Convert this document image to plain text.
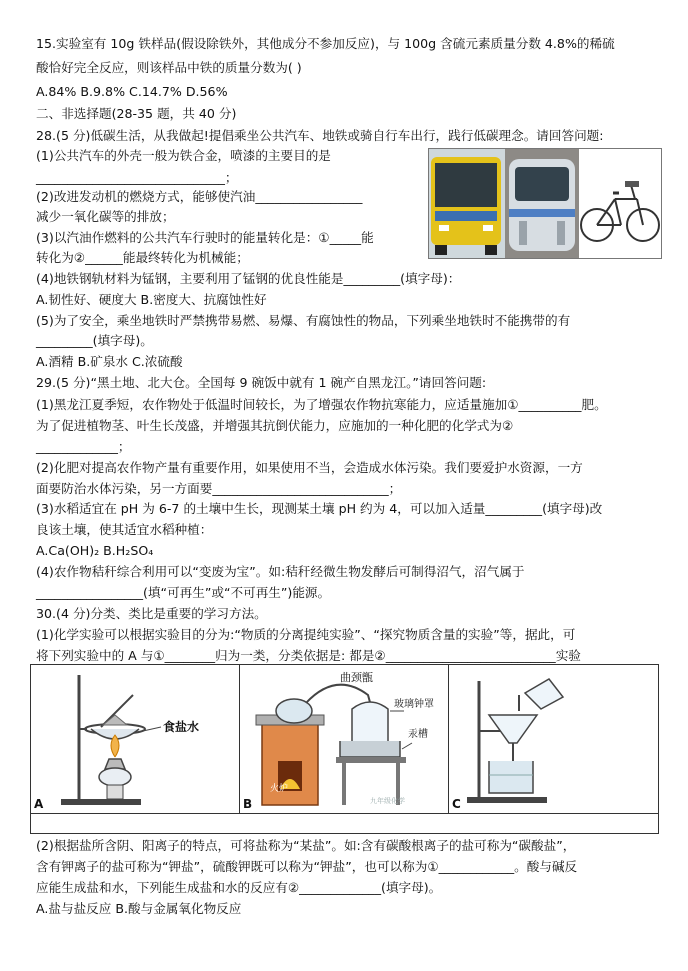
15.实验室有 10g 铁样品(假设除铁外，其他成分不参加反应)，与 100g 含硫元素质量分数 4.8%的稀硫
酸恰好完全反应，则该样品中铁的质量分数为( )
A.84% B.9.8% C.14.7% D.56%
二、非选择题(28-35 题，共 40 分)
28.(5 分)低碳生活，从我做起!提倡乘坐公共汽车、地铁或骑自行车出行，践行低碳理念。请回答问题:
(1)公共汽车的外壳一般为铁合金，喷漆的主要目的是
______________________________；
(2)改进发动机的燃烧方式，能够使汽油_________________
减少一氧化碳等的排放；
(3)以汽油作燃料的公共汽车行驶时的能量转化是：①_____能
转化为②______能最终转化为机械能；
(4)地铁钢轨材料为锰钢，主要利用了锰钢的优良性能是_________(填字母)：
A.韧性好、硬度大 B.密度大、抗腐蚀性好
(5)为了安全，乘坐地铁时严禁携带易燃、易爆、有腐蚀性的物品，下列乘坐地铁时不能携带的有
_________(填字母)。
A.酒精 B.矿泉水 C.浓硫酸
29.(5 分)“黑土地、北大仓。全国每 9 碗饭中就有 1 碗产自黑龙江。”请回答问题:
(1)黑龙江夏季短，农作物处于低温时间较长，为了增强农作物抗寒能力，应适量施加①__________肥。
为了促进植物茎、叶生长茂盛，并增强其抗倒伏能力，应施加的一种化肥的化学式为②
_____________；
(2)化肥对提高农作物产量有重要作用，如果使用不当，会造成水体污染。我们要爱护水资源，一方
面要防治水体污染，另一方面要____________________________；
(3)水稻适宜在 pH 为 6-7 的土壤中生长，现测某土壤 pH 约为 4，可以加入适量_________(填字母)改
良该土壤，使其适宜水稻种植：
A.Ca(OH)₂ B.H₂SO₄
(4)农作物秸秆综合利用可以“变废为宝”。如:秸秆经微生物发酵后可制得沼气，沼气属于
_________________(填“可再生”或“不可再生”)能源。
30.(4 分)分类、类比是重要的学习方法。
(1)化学实验可以根据实验目的分为:“物质的分离提纯实验”、“探究物质含量的实验”等，据此，可
将下列实验中的 A 与①________归为一类，分类依据是: 都是②___________________________实验
食盐水
A
火炉
曲颈甑
玻璃钟罩
汞槽
九年级化学
B	C
(2)根据盐所含阴、阳离子的特点，可将盐称为“某盐”。如:含有碳酸根离子的盐可称为“碳酸盐”，
含有钾离子的盐可称为“钾盐”，硫酸钾既可以称为“钾盐”，也可以称为①____________。酸与碱反
应能生成盐和水，下列能生成盐和水的反应有②_____________(填字母)。
A.盐与盐反应 B.酸与金属氧化物反应
